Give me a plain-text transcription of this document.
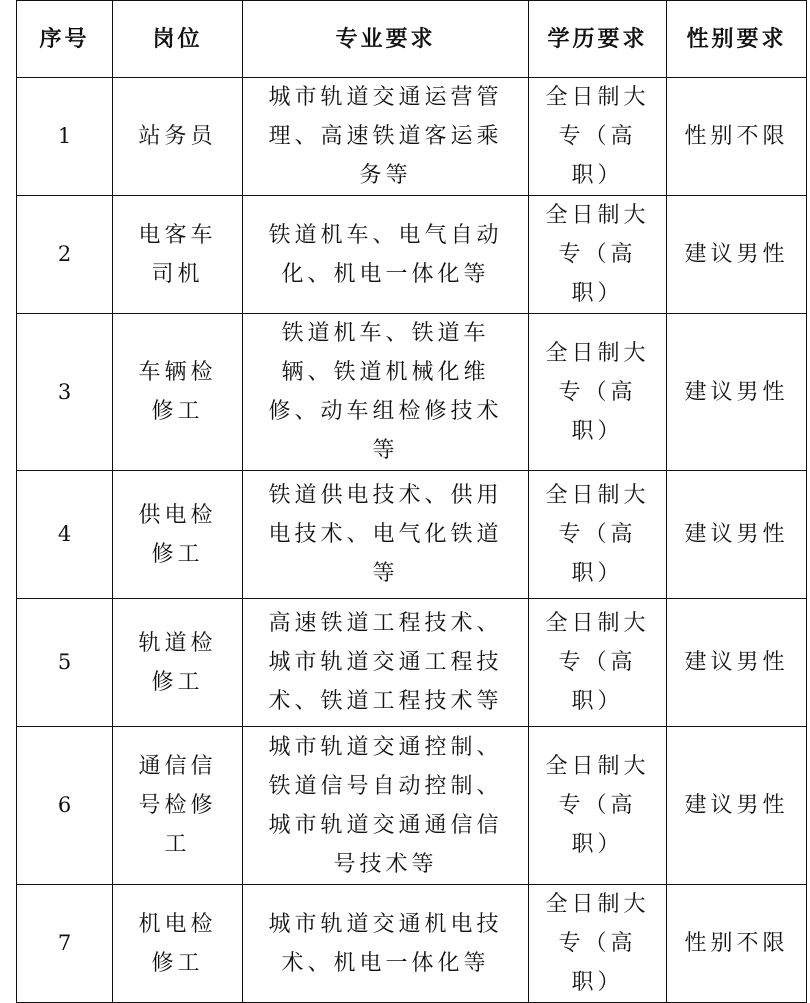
序号	岗位	专业要求	学历要求	性别要求
1	站务员	城市轨道交通运营管理、高速铁道客运乘务等	全日制大专（高职）	性别不限

2	电客车司机	铁道机车、电气自动化、机电一体化等	全日制大专（高职）	建议男性

3	车辆检修工	铁道机车、铁道车辆、铁道机械化维修、动车组检修技术等	全日制大专（高职）	建议男性

4	供电检修工	铁道供电技术、供用电技术、电气化铁道等	全日制大专（高职）	建议男性

5	轨道检修工	高速铁道工程技术、城市轨道交通工程技术、铁道工程技术等	全日制大专（高职）	建议男性

6	通信信号检修工	城市轨道交通控制、铁道信号自动控制、城市轨道交通通信信号技术等	全日制大专（高职）	建议男性

7	机电检修工	城市轨道交通机电技术、机电一体化等	全日制大专（高职）	性别不限
